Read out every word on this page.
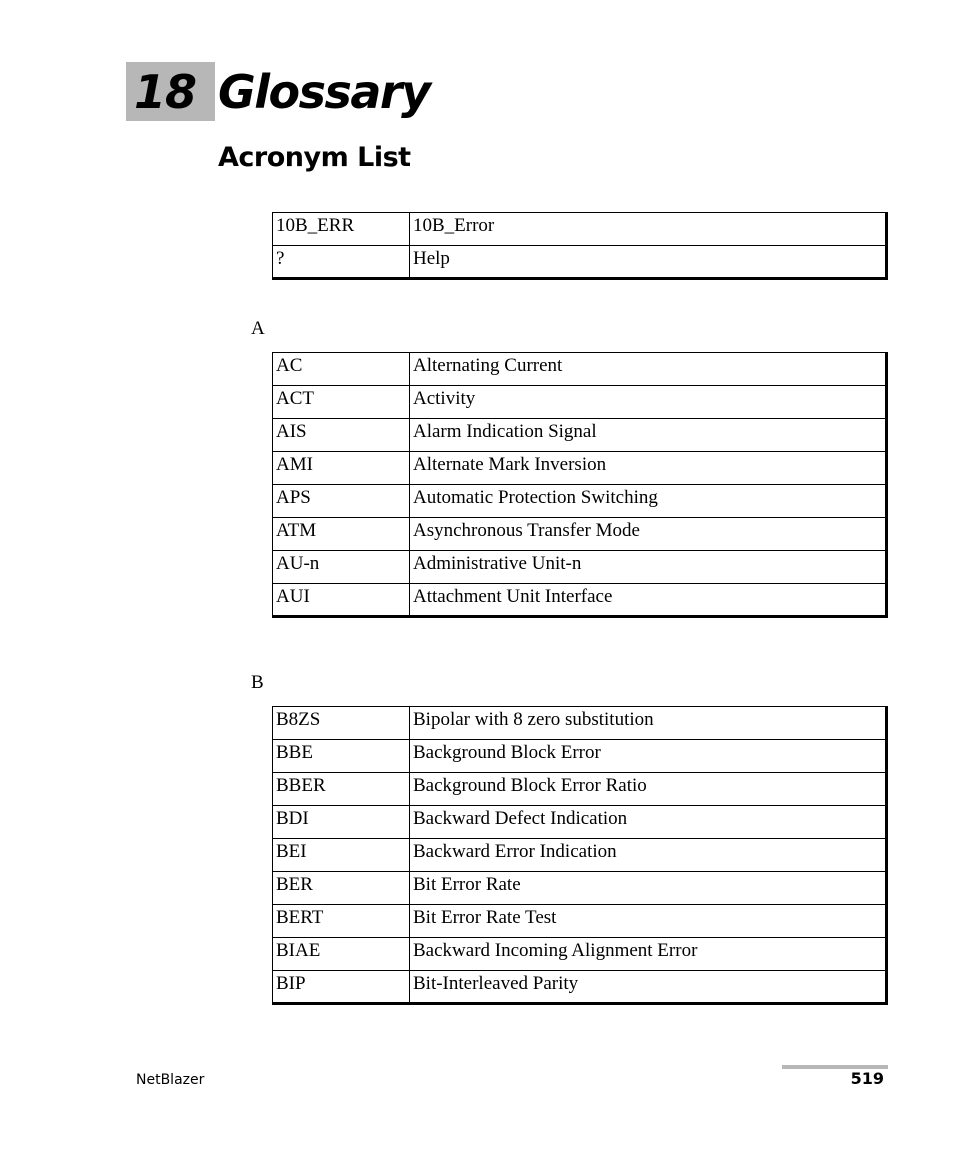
18 Glossary
Acronym List
10B_ERR	10B_Error
?	Help
A
AC	Alternating Current
ACT	Activity
AIS	Alarm Indication Signal
AMI	Alternate Mark Inversion
APS	Automatic Protection Switching
ATM	Asynchronous Transfer Mode
AU-n	Administrative Unit-n
AUI	Attachment Unit Interface
B
B8ZS	Bipolar with 8 zero substitution
BBE	Background Block Error
BBER	Background Block Error Ratio
BDI	Backward Defect Indication
BEI	Backward Error Indication
BER	Bit Error Rate
BERT	Bit Error Rate Test
BIAE	Backward Incoming Alignment Error
BIP	Bit-Interleaved Parity
NetBlazer	519
